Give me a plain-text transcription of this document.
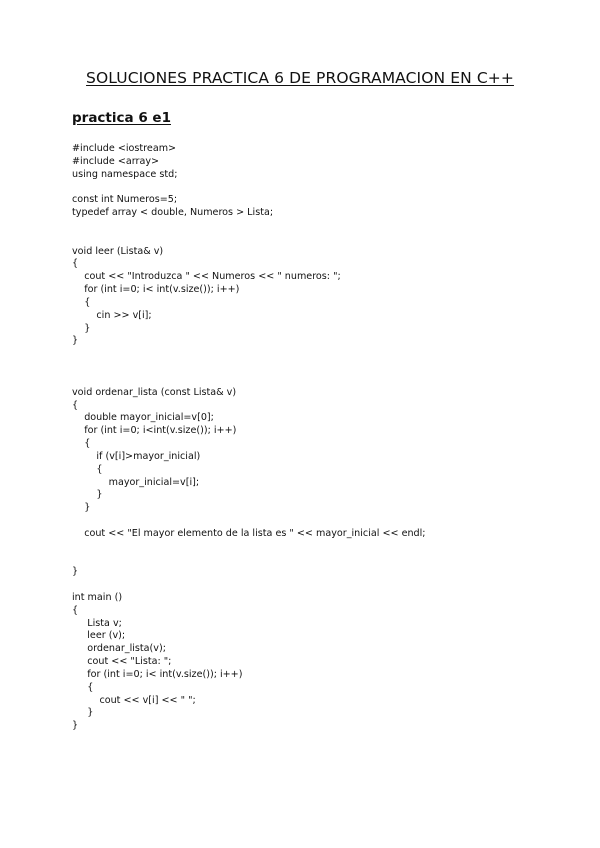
SOLUCIONES PRACTICA 6 DE PROGRAMACION EN C++
practica 6 e1
#include <iostream>
#include <array>
using namespace std;
const int Numeros=5;
typedef array < double, Numeros > Lista;
void leer (Lista& v)
{
cout << "Introduzca " << Numeros << " numeros: ";
for (int i=0; i< int(v.size()); i++)
{
cin >> v[i];
}
}
void ordenar_lista (const Lista& v)
{
double mayor_inicial=v[0];
for (int i=0; i<int(v.size()); i++)
{
if (v[i]>mayor_inicial)
{
mayor_inicial=v[i];
}
}
cout << "El mayor elemento de la lista es " << mayor_inicial << endl;
}
int main ()
{
Lista v;
leer (v);
ordenar_lista(v);
cout << "Lista: ";
for (int i=0; i< int(v.size()); i++)
{
cout << v[i] << " ";
}
}
